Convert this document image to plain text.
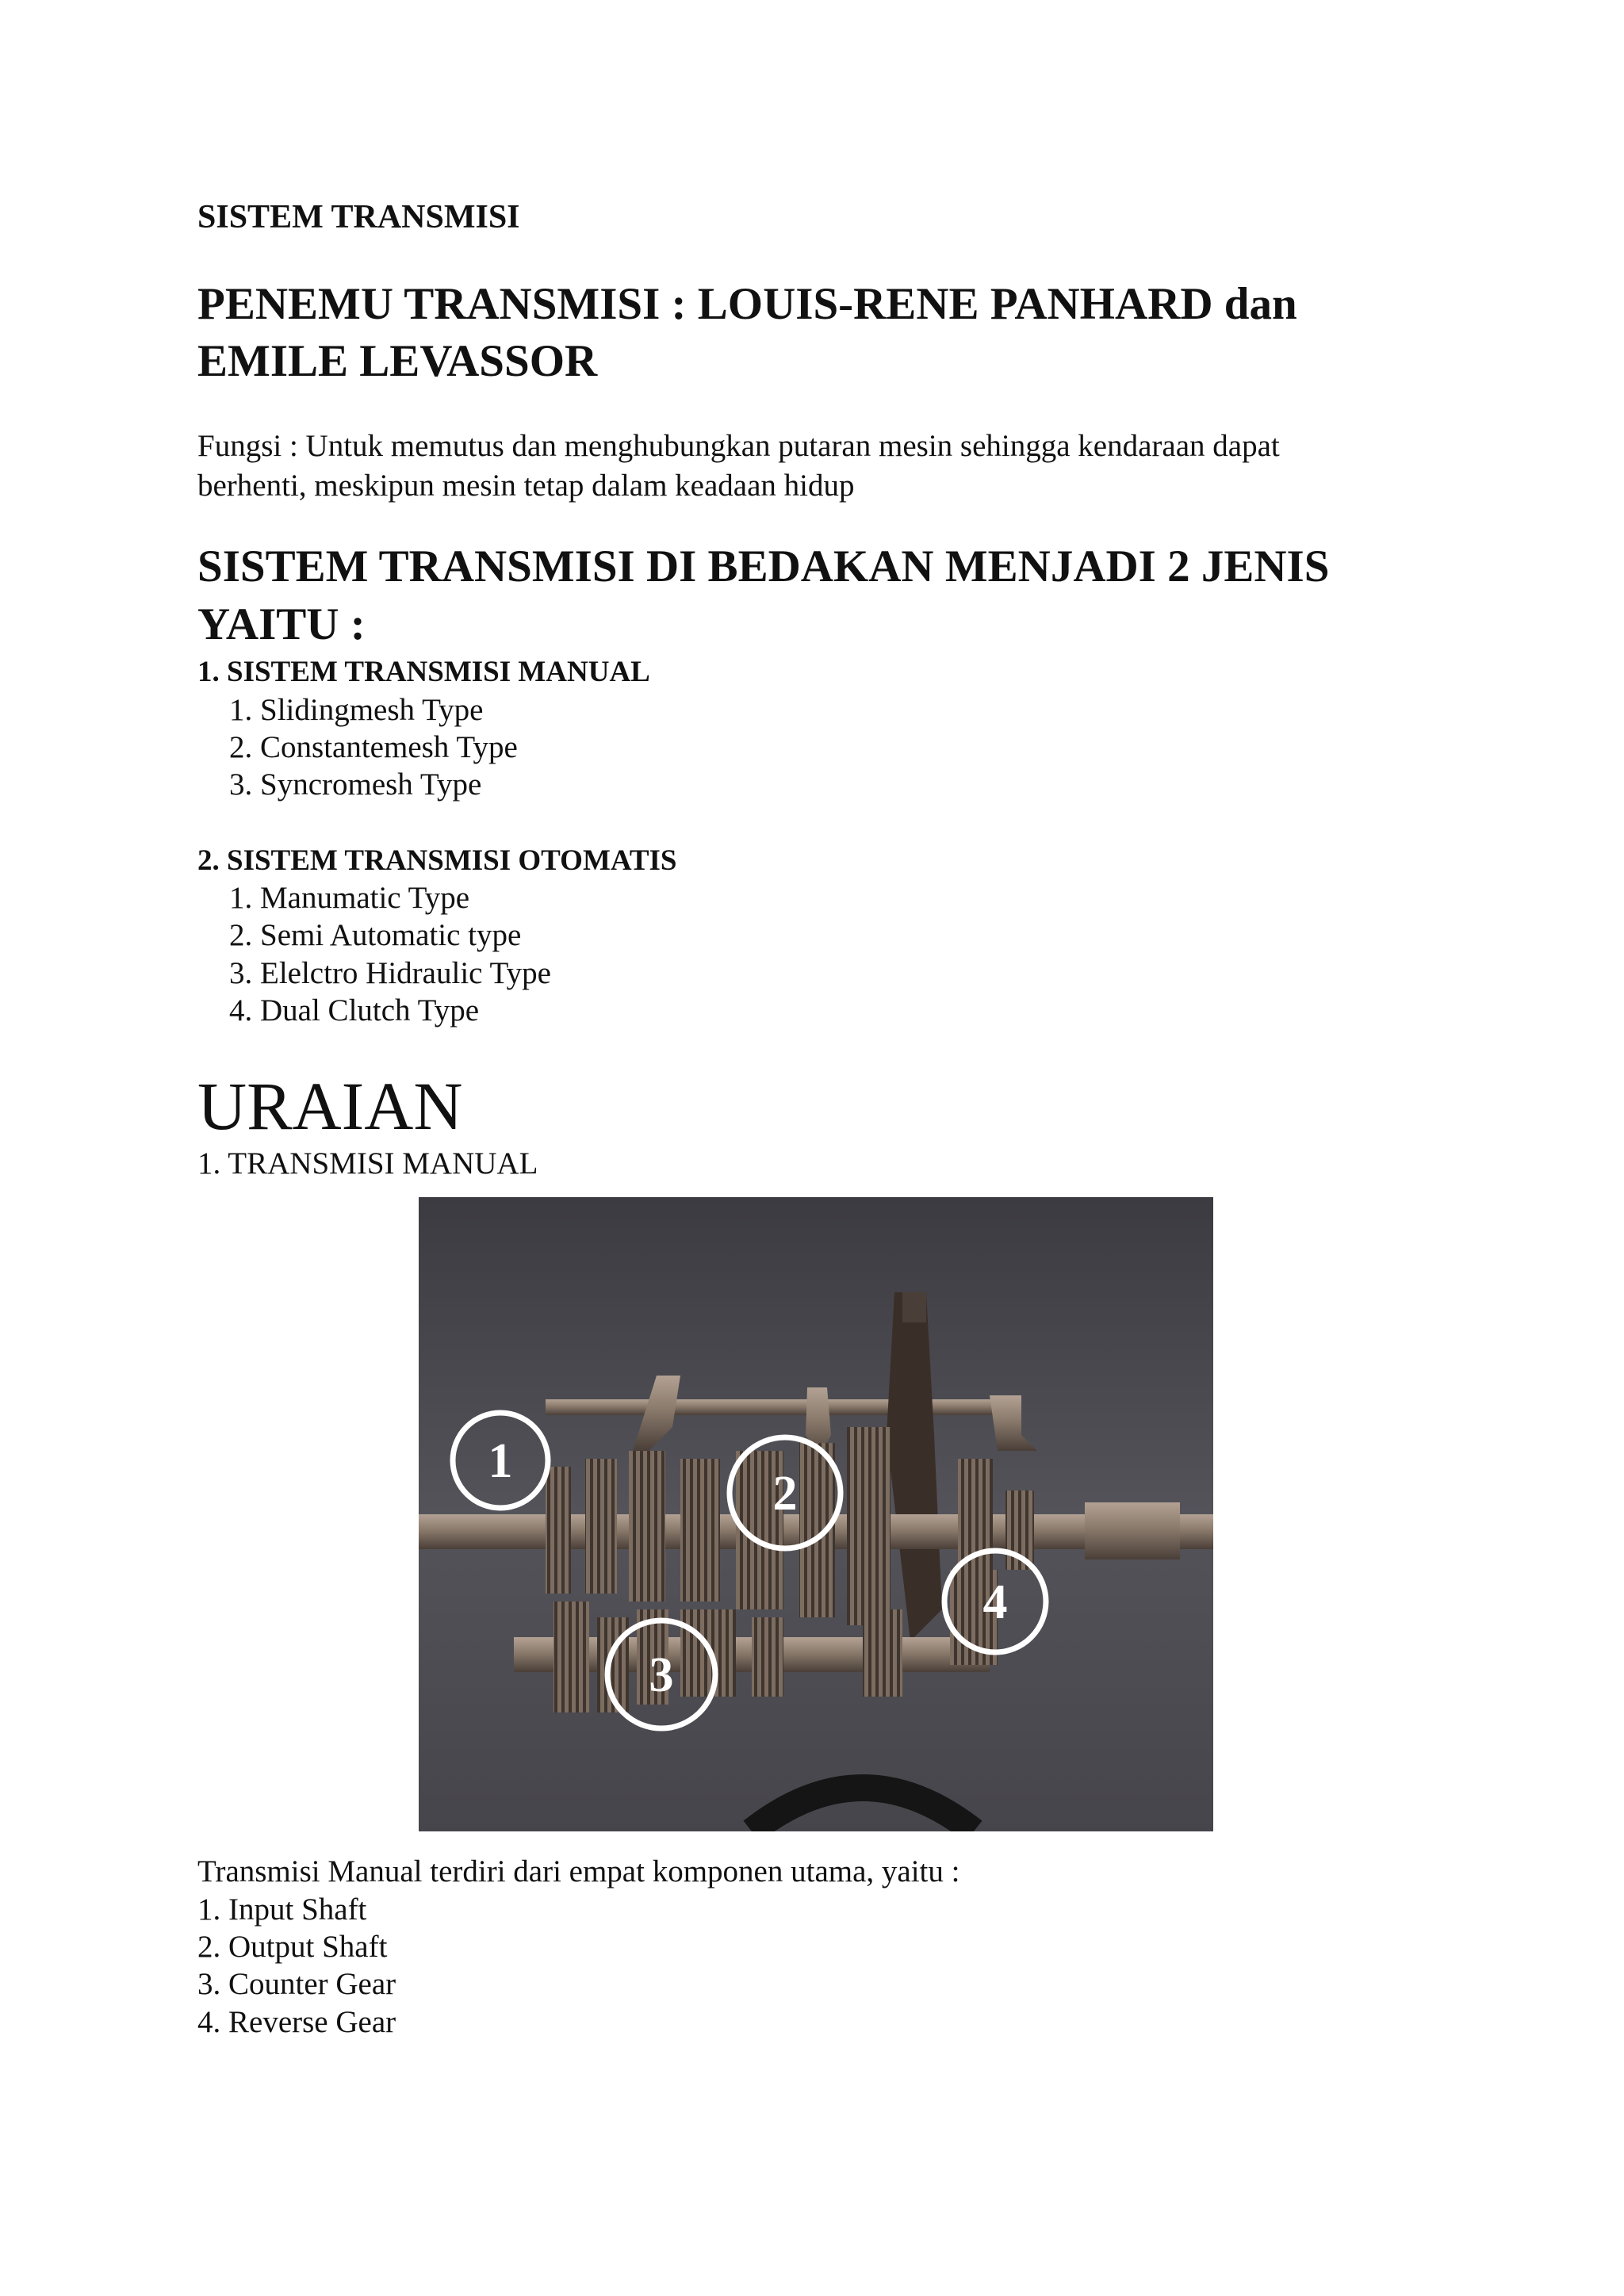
SISTEM TRANSMISI

PENEMU TRANSMISI : LOUIS-RENE PANHARD dan
EMILE LEVASSOR

Fungsi : Untuk memutus dan menghubungkan putaran mesin sehingga kendaraan dapat
berhenti, meskipun mesin tetap dalam keadaan hidup

SISTEM TRANSMISI DI BEDAKAN MENJADI 2 JENIS
YAITU :

1. SISTEM TRANSMISI MANUAL

1. Slidingmesh Type

2. Constantemesh Type

3. Syncromesh Type

2. SISTEM TRANSMISI OTOMATIS

1. Manumatic Type

2. Semi Automatic type

3. Elelctro Hidraulic Type

4. Dual Clutch Type

URAIAN

1. TRANSMISI MANUAL

1
2
3
4

Transmisi Manual terdiri dari empat komponen utama, yaitu :

1. Input Shaft

2. Output Shaft

3. Counter Gear

4. Reverse Gear
